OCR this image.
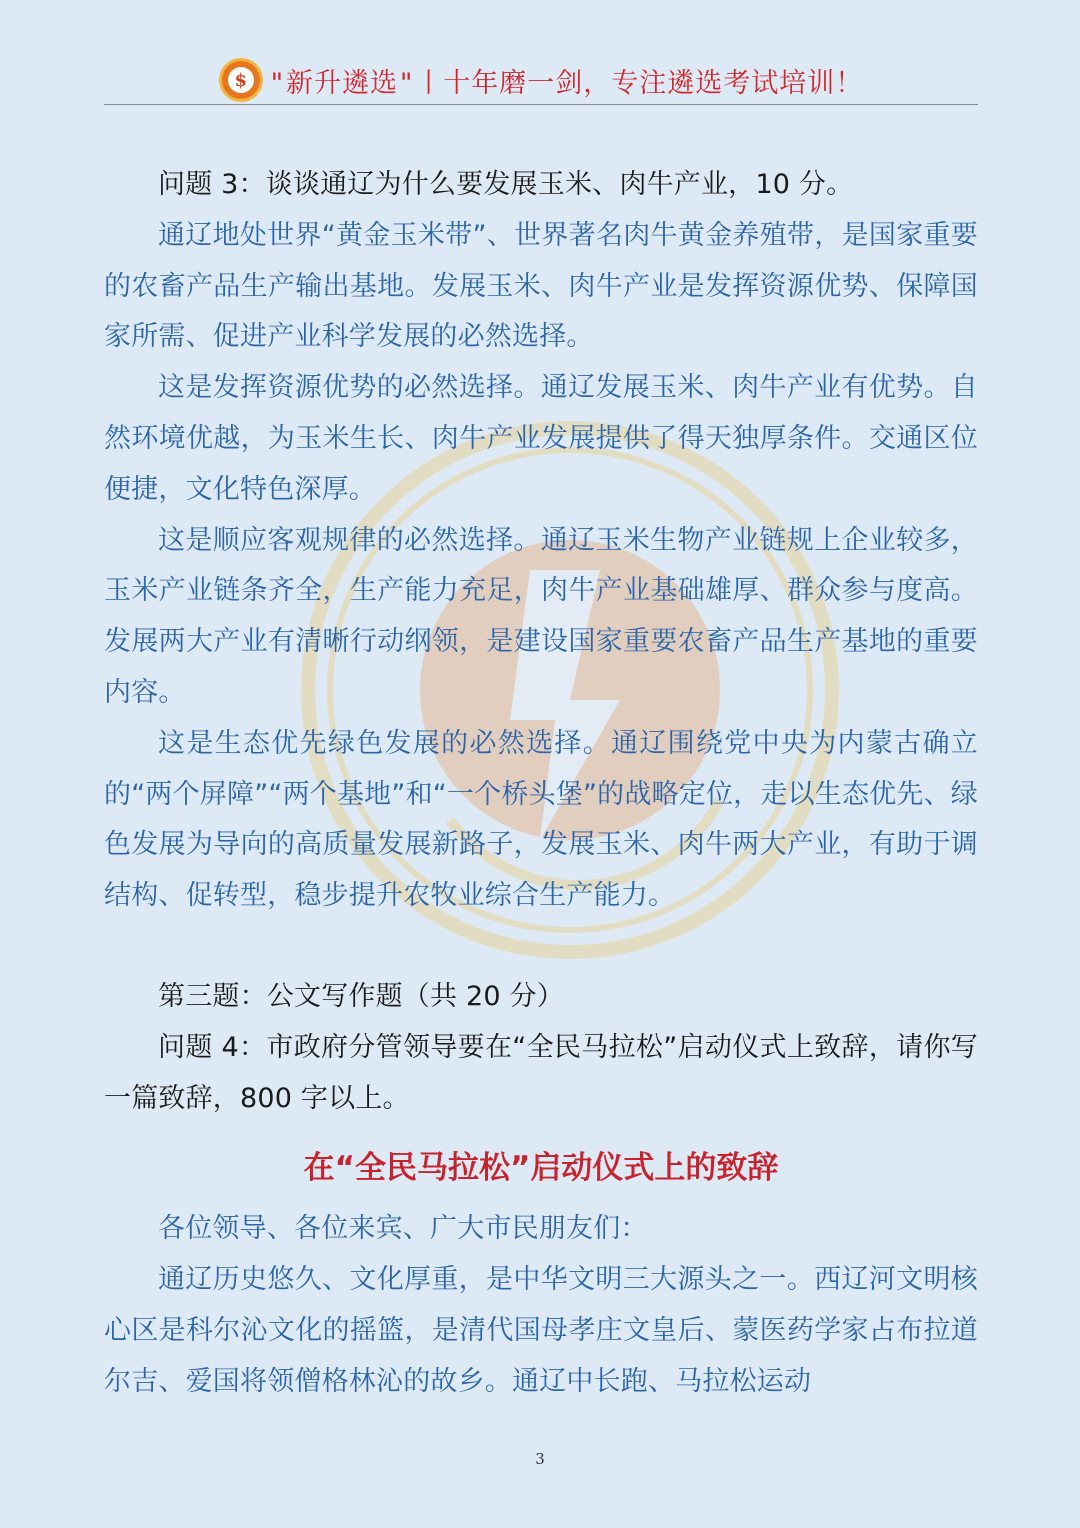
$ "新升遴选"丨十年磨一剑，专注遴选考试培训！

问题 3：谈谈通辽为什么要发展玉米、肉牛产业，10 分。

通辽地处世界“黄金玉米带”、世界著名肉牛黄金养殖带，是国家重要的农畜产品生产输出基地。发展玉米、肉牛产业是发挥资源优势、保障国家所需、促进产业科学发展的必然选择。

这是发挥资源优势的必然选择。通辽发展玉米、肉牛产业有优势。自然环境优越，为玉米生长、肉牛产业发展提供了得天独厚条件。交通区位便捷，文化特色深厚。

这是顺应客观规律的必然选择。通辽玉米生物产业链规上企业较多，玉米产业链条齐全，生产能力充足，肉牛产业基础雄厚、群众参与度高。发展两大产业有清晰行动纲领，是建设国家重要农畜产品生产基地的重要内容。

这是生态优先绿色发展的必然选择。通辽围绕党中央为内蒙古确立的“两个屏障”“两个基地”和“一个桥头堡”的战略定位，走以生态优先、绿色发展为导向的高质量发展新路子，发展玉米、肉牛两大产业，有助于调结构、促转型，稳步提升农牧业综合生产能力。

第三题：公文写作题（共 20 分）

问题 4：市政府分管领导要在“全民马拉松”启动仪式上致辞，请你写一篇致辞，800 字以上。

在“全民马拉松”启动仪式上的致辞

各位领导、各位来宾、广大市民朋友们：

通辽历史悠久、文化厚重，是中华文明三大源头之一。西辽河文明核心区是科尔沁文化的摇篮，是清代国母孝庄文皇后、蒙医药学家占布拉道尔吉、爱国将领僧格林沁的故乡。通辽中长跑、马拉松运动

3
